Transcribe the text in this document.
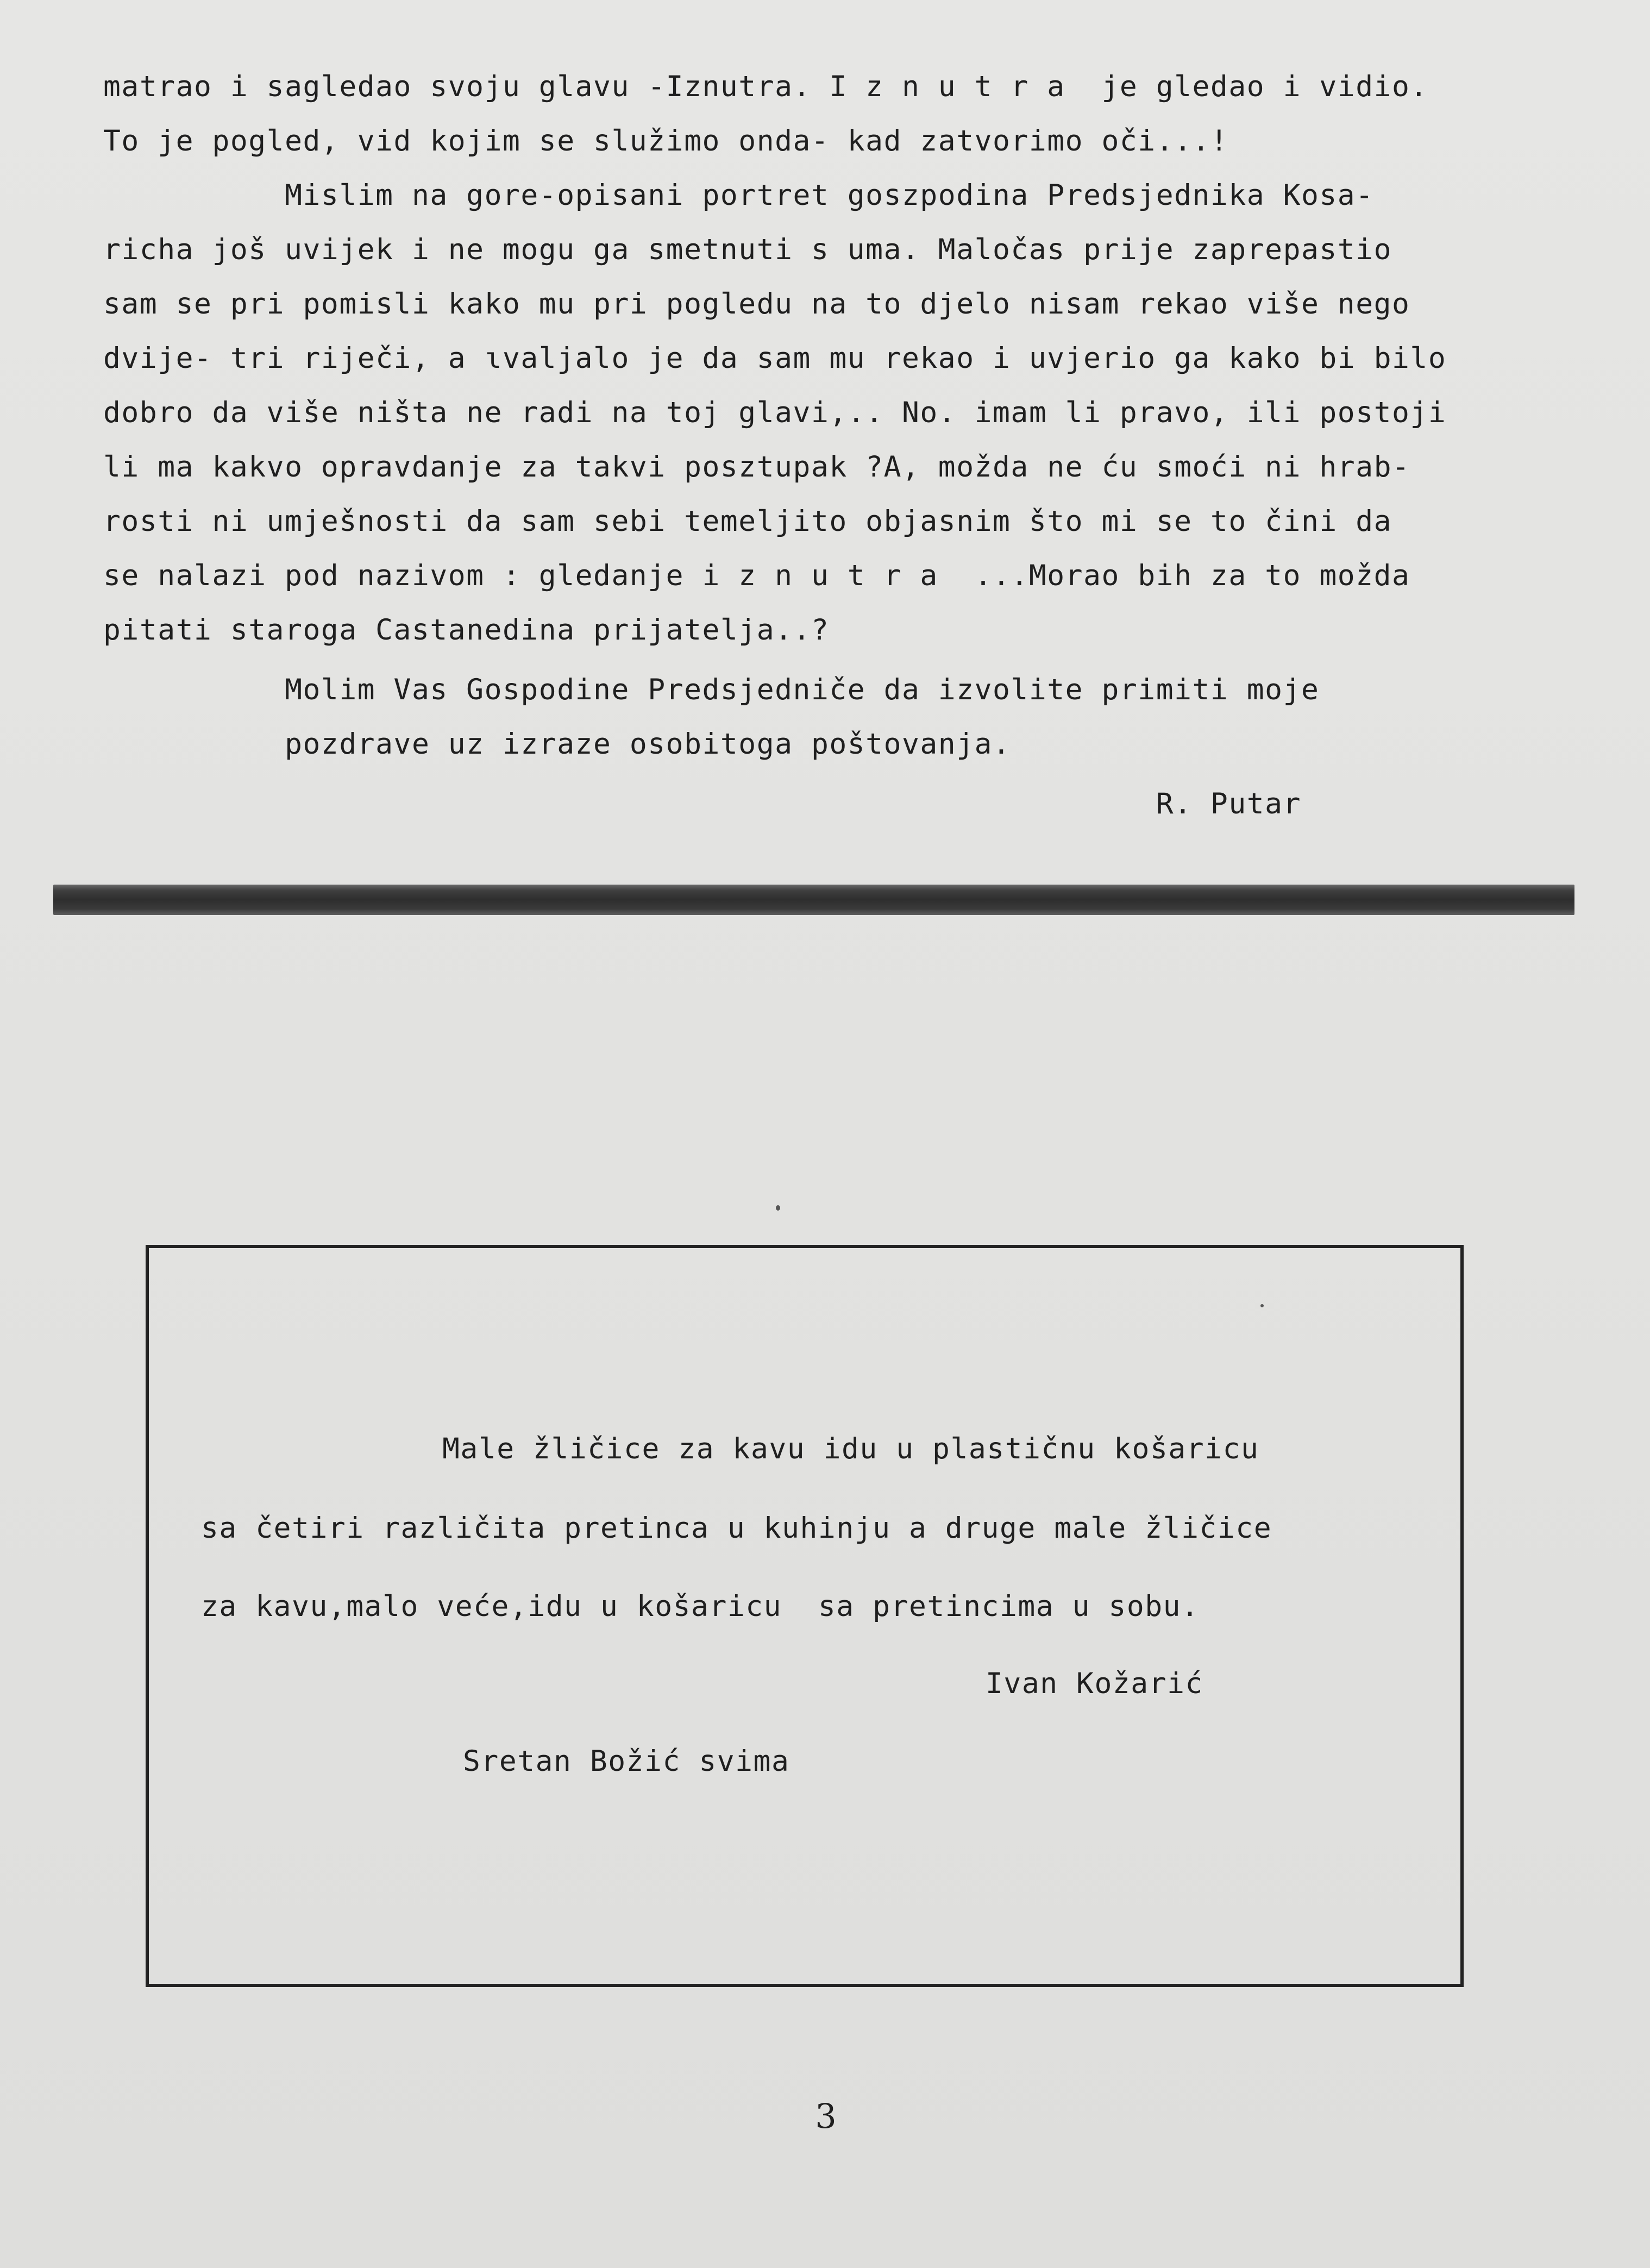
matrao i sagledao svoju glavu -Iznutra. I z n u t r a  je gledao i vidio.
To je pogled, vid kojim se služimo onda- kad zatvorimo oči...!
Mislim na gore-opisani portret goszpodina Predsjednika Kosa-
richa još uvijek i ne mogu ga smetnuti s uma. Maločas prije zaprepastio
sam se pri pomisli kako mu pri pogledu na to djelo nisam rekao više nego
dvije- tri riječi, a ɩvaljalo je da sam mu rekao i uvjerio ga kako bi bilo
dobro da više ništa ne radi na toj glavi,.. No. imam li pravo, ili postoji
li ma kakvo opravdanje za takvi posztupak ?A, možda ne ću smoći ni hrab-
rosti ni umješnosti da sam sebi temeljito objasnim što mi se to čini da
se nalazi pod nazivom : gledanje i z n u t r a  ...Morao bih za to možda
pitati staroga Castanedina prijatelja..?
Molim Vas Gospodine Predsjedniče da izvolite primiti moje
pozdrave uz izraze osobitoga poštovanja.
R. Putar
Male žličice za kavu idu u plastičnu košaricu
sa četiri različita pretinca u kuhinju a druge male žličice
za kavu,malo veće,idu u košaricu  sa pretincima u sobu.
Ivan Kožarić
Sretan Božić svima
3
